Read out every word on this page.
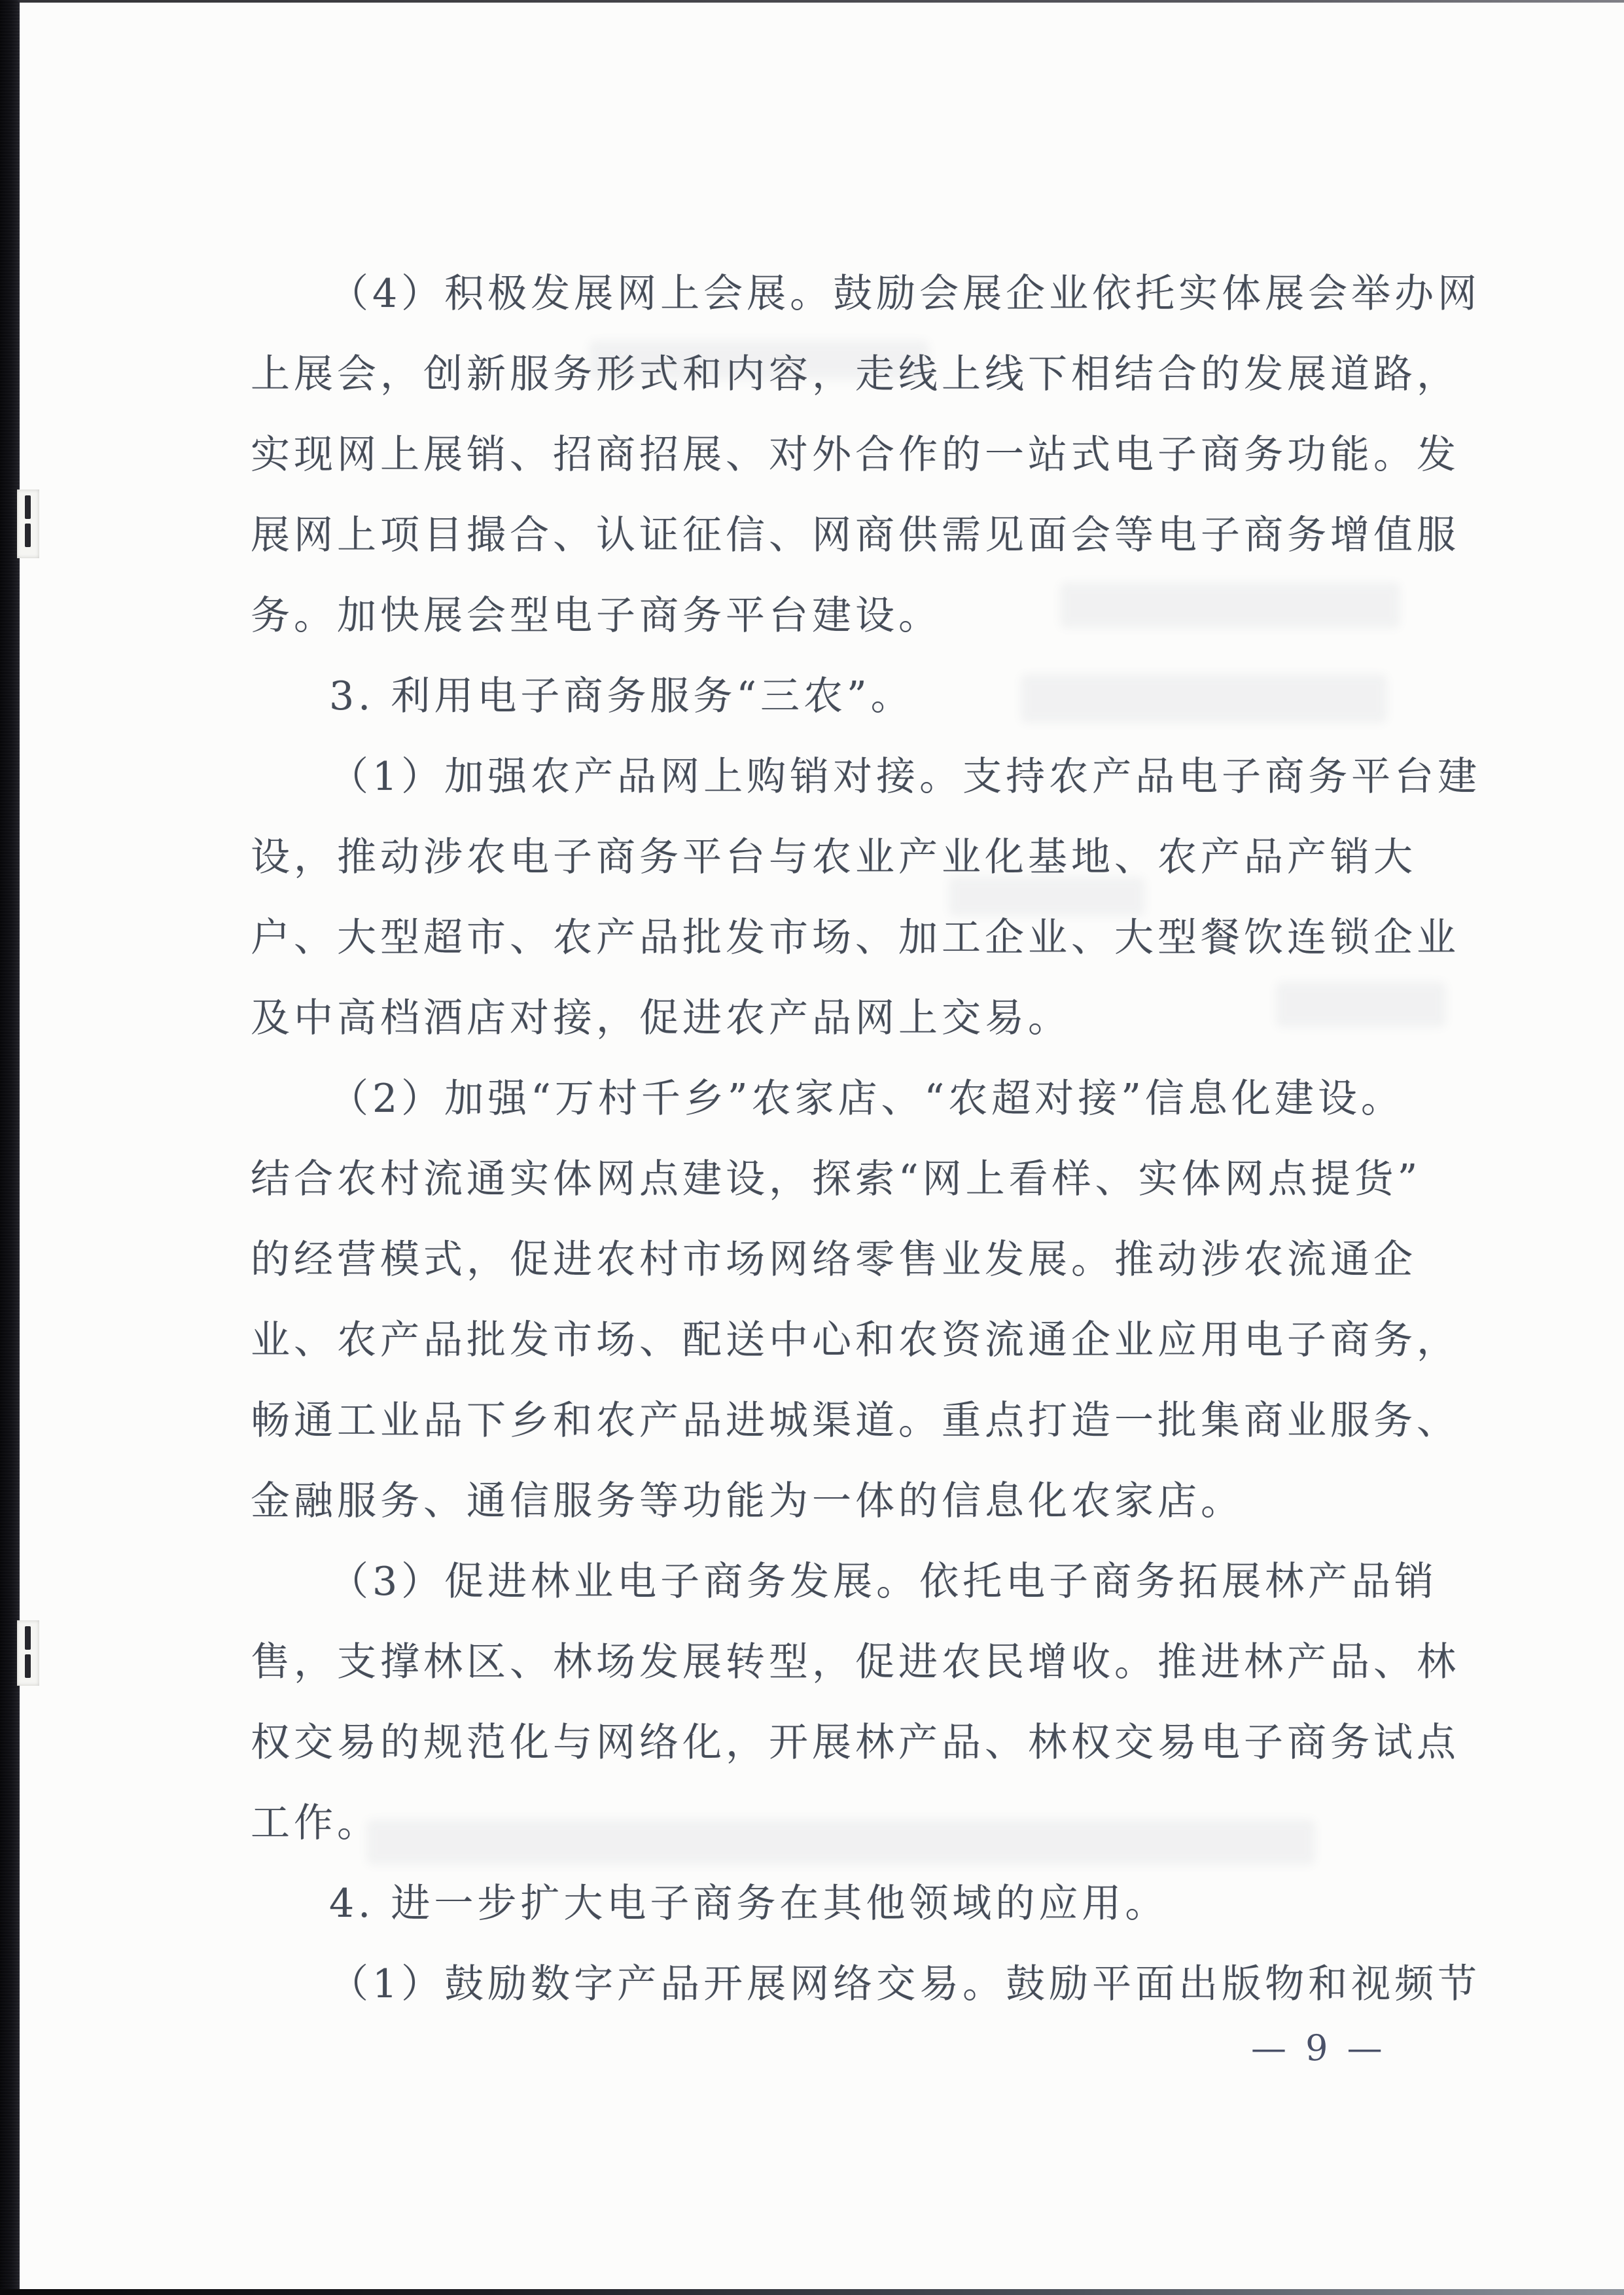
（4）积极发展网上会展。鼓励会展企业依托实体展会举办网
上展会，创新服务形式和内容，走线上线下相结合的发展道路，
实现网上展销、招商招展、对外合作的一站式电子商务功能。发
展网上项目撮合、认证征信、网商供需见面会等电子商务增值服
务。加快展会型电子商务平台建设。
3. 利用电子商务服务“三农”。
（1）加强农产品网上购销对接。支持农产品电子商务平台建
设，推动涉农电子商务平台与农业产业化基地、农产品产销大
户、大型超市、农产品批发市场、加工企业、大型餐饮连锁企业
及中高档酒店对接，促进农产品网上交易。
（2）加强“万村千乡”农家店、“农超对接”信息化建设。
结合农村流通实体网点建设，探索“网上看样、实体网点提货”
的经营模式，促进农村市场网络零售业发展。推动涉农流通企
业、农产品批发市场、配送中心和农资流通企业应用电子商务，
畅通工业品下乡和农产品进城渠道。重点打造一批集商业服务、
金融服务、通信服务等功能为一体的信息化农家店。
（3）促进林业电子商务发展。依托电子商务拓展林产品销
售，支撑林区、林场发展转型，促进农民增收。推进林产品、林
权交易的规范化与网络化，开展林产品、林权交易电子商务试点
工作。
4. 进一步扩大电子商务在其他领域的应用。
（1）鼓励数字产品开展网络交易。鼓励平面出版物和视频节
— 9 —
